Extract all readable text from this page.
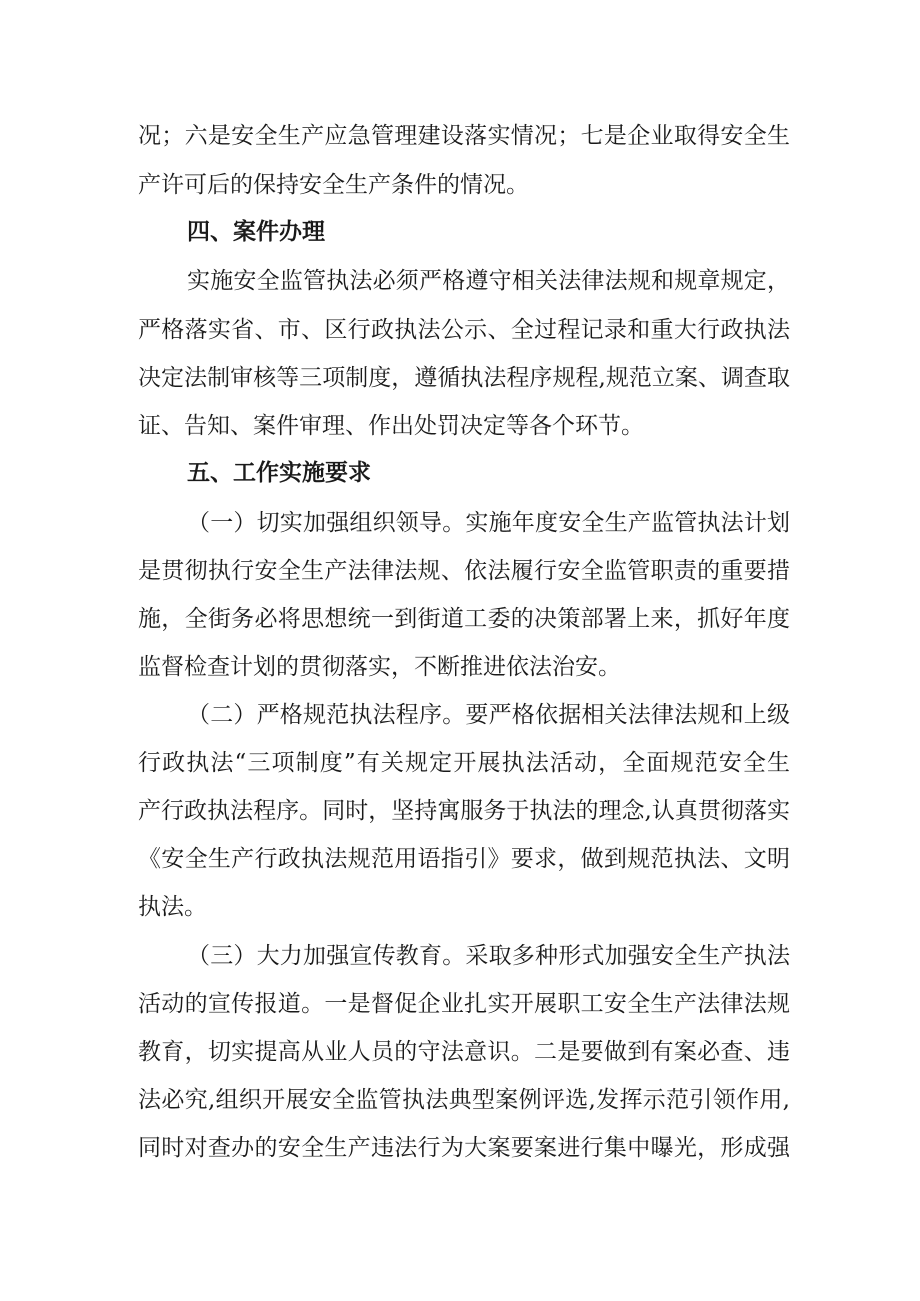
况；六是安全生产应急管理建设落实情况；七是企业取得安全生
产许可后的保持安全生产条件的情况。
四、案件办理
实施安全监管执法必须严格遵守相关法律法规和规章规定，
严格落实省、市、区行政执法公示、全过程记录和重大行政执法
决定法制审核等三项制度，遵循执法程序规程,规范立案、调查取
证、告知、案件审理、作出处罚决定等各个环节。
五、工作实施要求
（一）切实加强组织领导。实施年度安全生产监管执法计划
是贯彻执行安全生产法律法规、依法履行安全监管职责的重要措
施，全街务必将思想统一到街道工委的决策部署上来，抓好年度
监督检查计划的贯彻落实，不断推进依法治安。
（二）严格规范执法程序。要严格依据相关法律法规和上级
行政执法“三项制度”有关规定开展执法活动，全面规范安全生
产行政执法程序。同时，坚持寓服务于执法的理念,认真贯彻落实
《安全生产行政执法规范用语指引》要求，做到规范执法、文明
执法。
（三）大力加强宣传教育。采取多种形式加强安全生产执法
活动的宣传报道。一是督促企业扎实开展职工安全生产法律法规
教育，切实提高从业人员的守法意识。二是要做到有案必查、违
法必究,组织开展安全监管执法典型案例评选,发挥示范引领作用,
同时对查办的安全生产违法行为大案要案进行集中曝光，形成强
